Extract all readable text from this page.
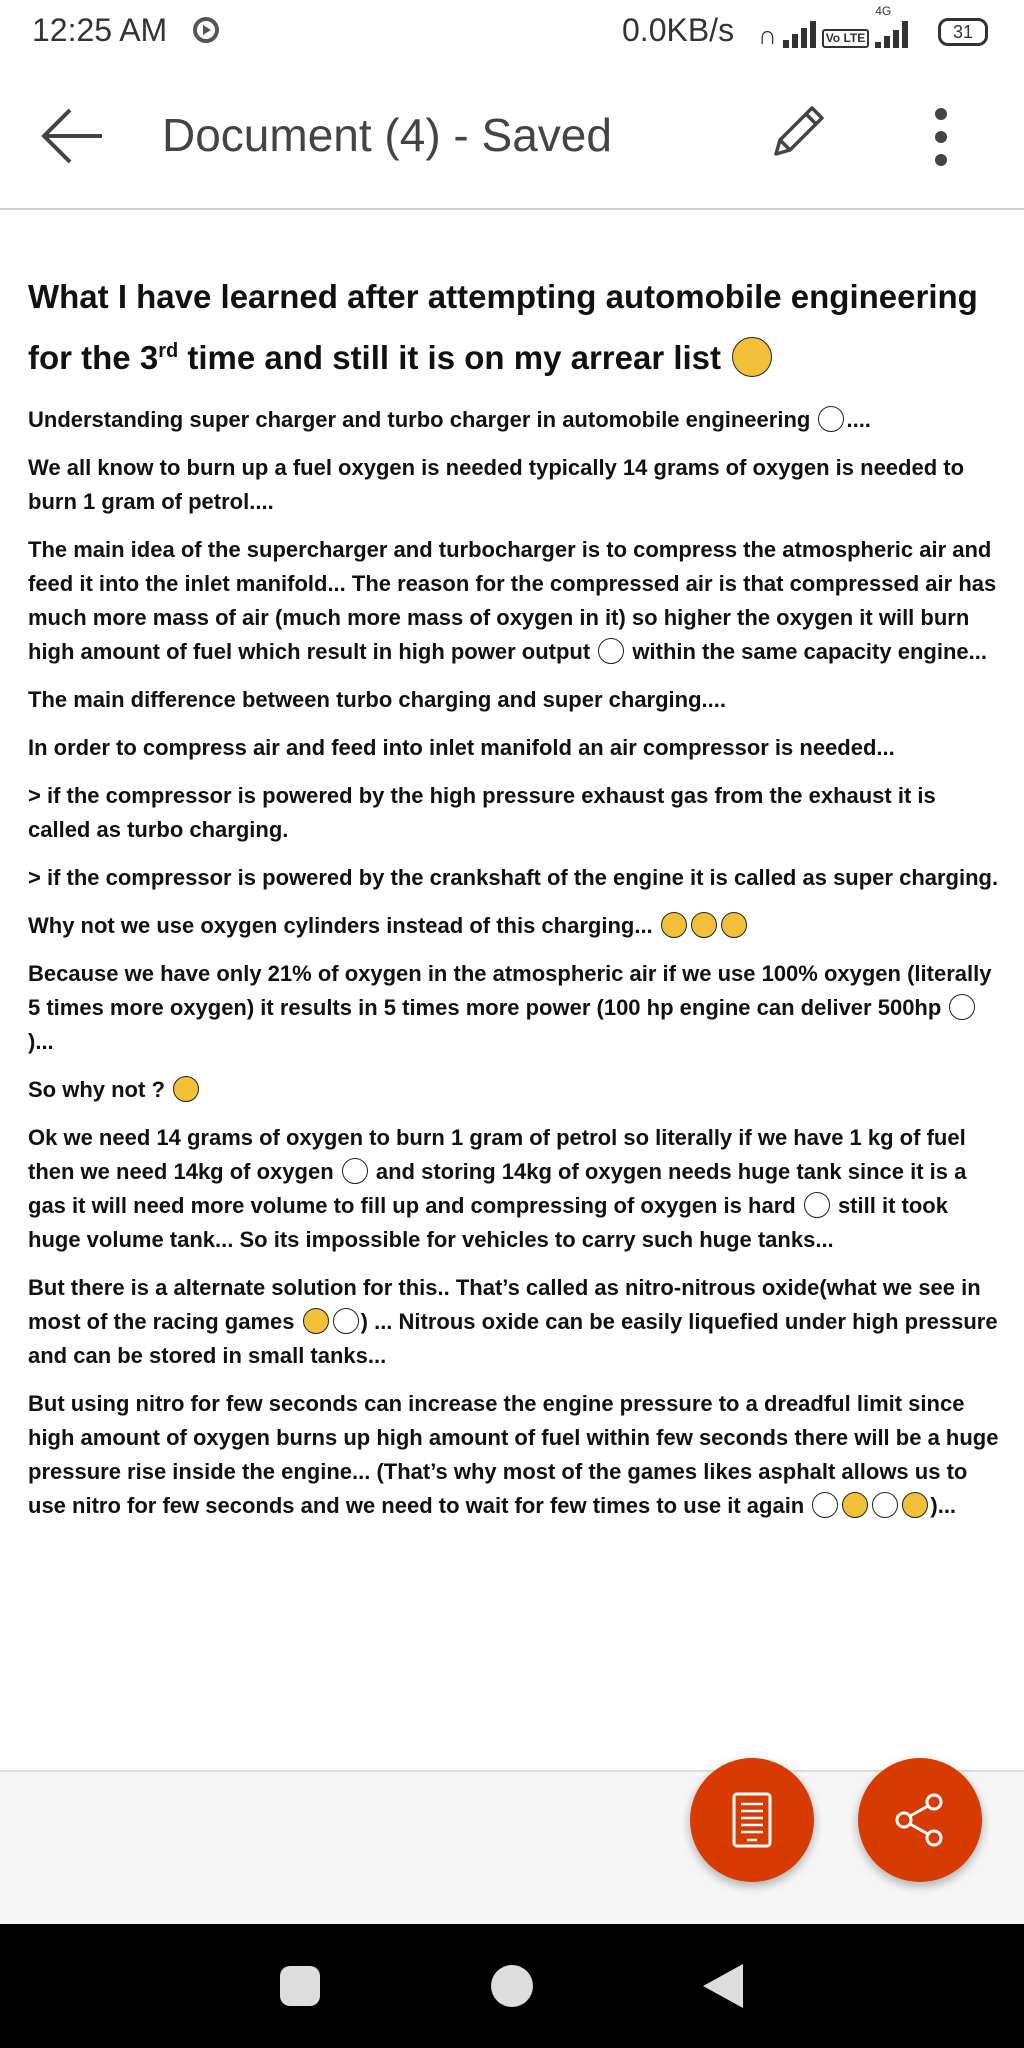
12:25 AM	0.0KB/s ∩	Vo LTE
4G
31
Document (4) - Saved
What I have learned after attempting automobile engineering for the 3rd time and still it is on my arrear list

Understanding super charger and turbo charger in automobile engineering ....

We all know to burn up a fuel oxygen is needed typically 14 grams of oxygen is needed to burn 1 gram of petrol....

The main idea of the supercharger and turbocharger is to compress the atmospheric air and feed it into the inlet manifold... The reason for the compressed air is that compressed air has much more mass of air (much more mass of oxygen in it) so higher the oxygen it will burn high amount of fuel which result in high power output  within the same capacity engine...

The main difference between turbo charging and super charging....

In order to compress air and feed into inlet manifold an air compressor is needed...

> if the compressor is powered by the high pressure exhaust gas from the exhaust it is called as turbo charging.

> if the compressor is powered by the crankshaft of the engine it is called as super charging.

Why not we use oxygen cylinders instead of this charging...

Because we have only 21% of oxygen in the atmospheric air if we use 100% oxygen (literally 5 times more oxygen) it results in 5 times more power (100 hp engine can deliver 500hp )...

So why not ?

Ok we need 14 grams of oxygen to burn 1 gram of petrol so literally if we have 1 kg of fuel then we need 14kg of oxygen  and storing 14kg of oxygen needs huge tank since it is a gas it will need more volume to fill up and compressing of oxygen is hard  still it took huge volume tank... So its impossible for vehicles to carry such huge tanks...

But there is a alternate solution for this.. That’s called as nitro-nitrous oxide(what we see in most of the racing games	) ... Nitrous oxide can be easily liquefied under high pressure and can be stored in small tanks...

But using nitro for few seconds can increase the engine pressure to a dreadful limit since high amount of oxygen burns up high amount of fuel within few seconds there will be a huge pressure rise inside the engine... (That’s why most of the games likes asphalt allows us to use nitro for few seconds and we need to wait for few times to use it again	)...
